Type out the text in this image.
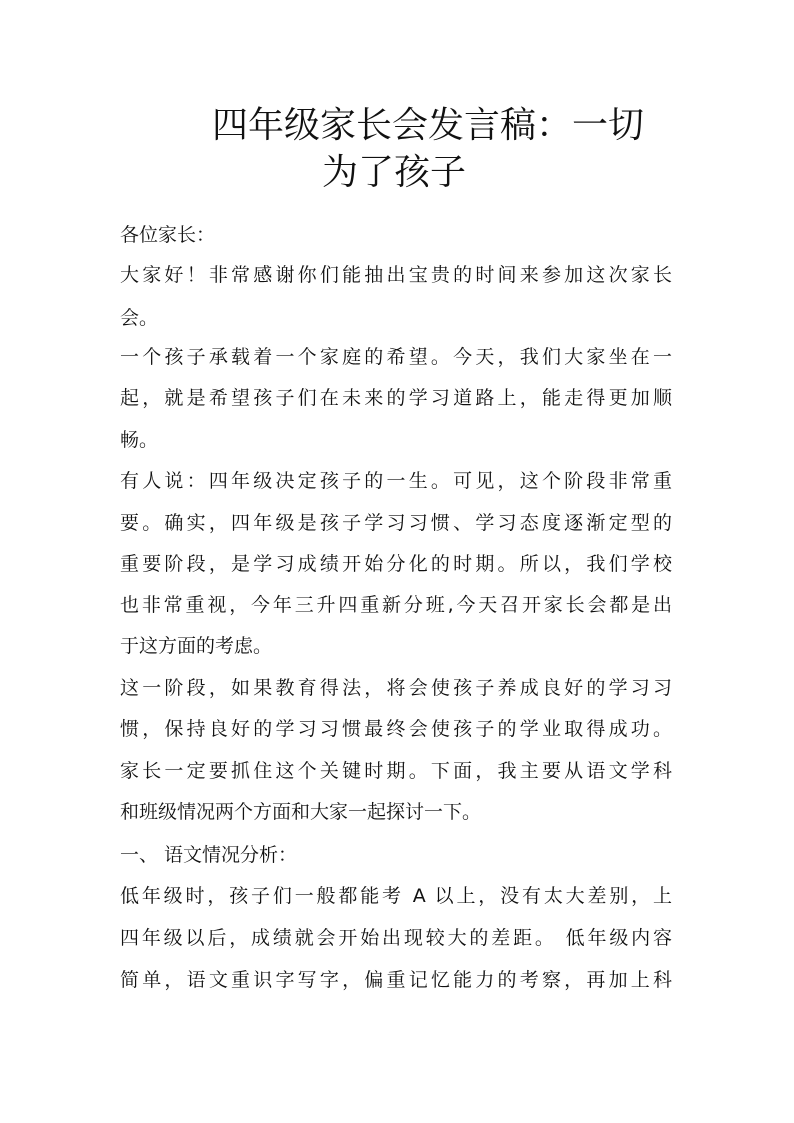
四年级家长会发言稿：一切
为了孩子

各位家长：

大家好！非常感谢你们能抽出宝贵的时间来参加这次家长

会。

一个孩子承载着一个家庭的希望。今天，我们大家坐在一

起，就是希望孩子们在未来的学习道路上，能走得更加顺

畅。

有人说：四年级决定孩子的一生。可见，这个阶段非常重

要。确实，四年级是孩子学习习惯、学习态度逐渐定型的

重要阶段，是学习成绩开始分化的时期。所以，我们学校

也非常重视，今年三升四重新分班,今天召开家长会都是出

于这方面的考虑。

这一阶段，如果教育得法，将会使孩子养成良好的学习习

惯，保持良好的学习习惯最终会使孩子的学业取得成功。

家长一定要抓住这个关键时期。下面，我主要从语文学科

和班级情况两个方面和大家一起探讨一下。

一、 语文情况分析：

低年级时，孩子们一般都能考 A 以上，没有太大差别，上

四年级以后，成绩就会开始出现较大的差距。 低年级内容

简单，语文重识字写字，偏重记忆能力的考察，再加上科
